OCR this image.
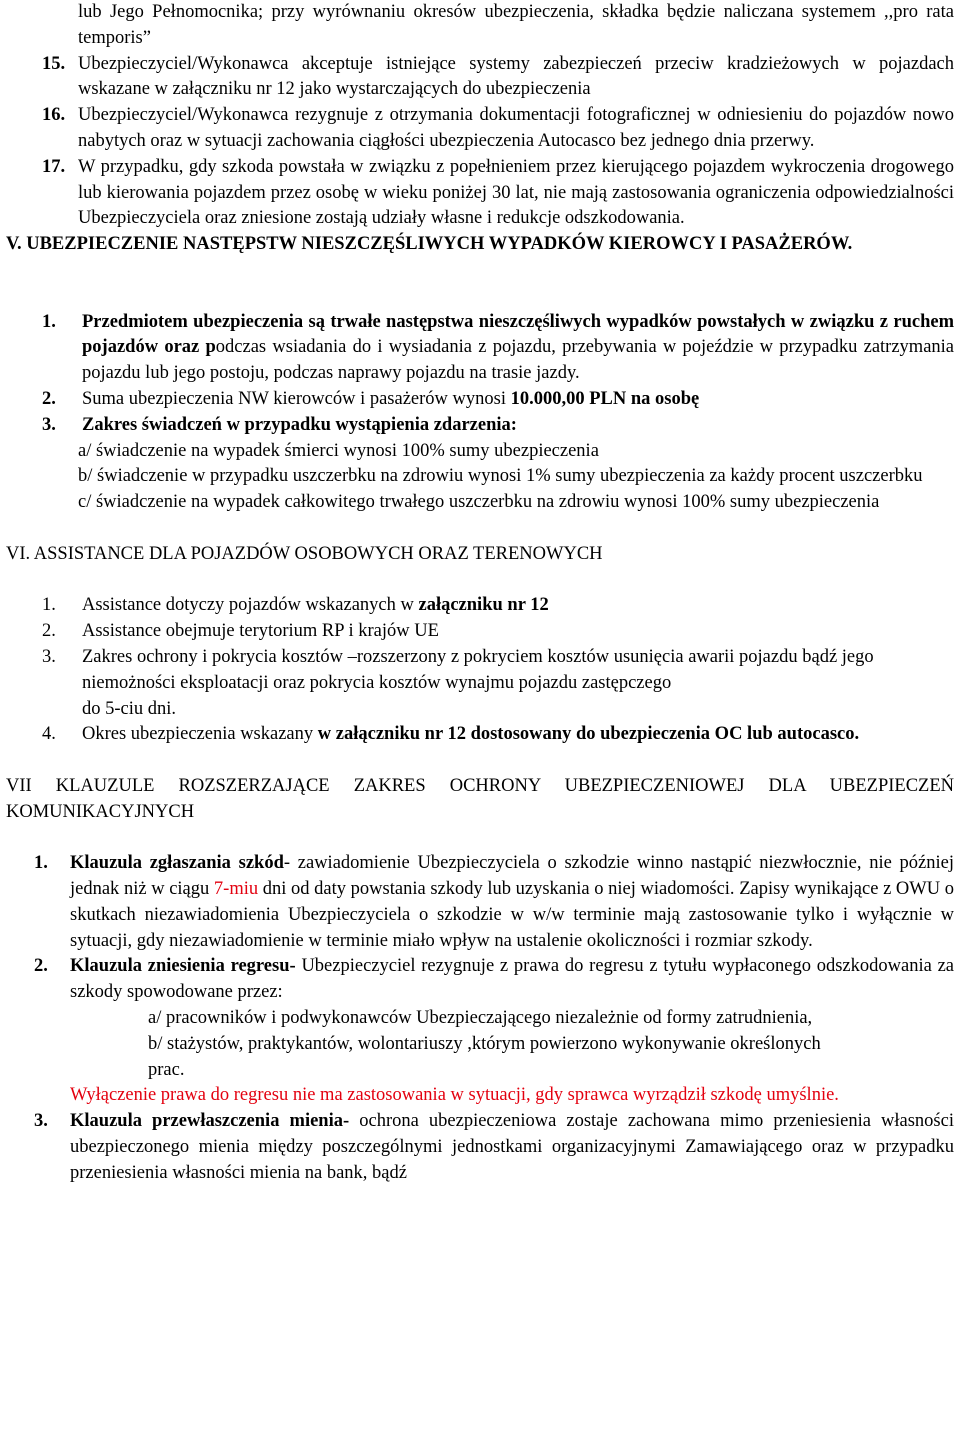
lub Jego Pełnomocnika; przy wyrównaniu okresów ubezpieczenia, składka będzie naliczana systemem ,,pro rata temporis”

15. Ubezpieczyciel/Wykonawca akceptuje istniejące systemy zabezpieczeń przeciw kradzieżowych w pojazdach wskazane w załączniku nr 12 jako wystarczających do ubezpieczenia

16. Ubezpieczyciel/Wykonawca rezygnuje z otrzymania dokumentacji fotograficznej w odniesieniu do pojazdów nowo nabytych oraz w sytuacji zachowania ciągłości ubezpieczenia Autocasco bez jednego dnia przerwy.

17. W przypadku, gdy szkoda powstała w związku z popełnieniem przez kierującego pojazdem wykroczenia drogowego lub kierowania pojazdem przez osobę w wieku poniżej 30 lat, nie mają zastosowania ograniczenia odpowiedzialności Ubezpieczyciela oraz zniesione zostają udziały własne i redukcje odszkodowania.

V. UBEZPIECZENIE NASTĘPSTW NIESZCZĘŚLIWYCH WYPADKÓW KIEROWCY I PASAŻERÓW.

1.	Przedmiotem ubezpieczenia są trwałe następstwa nieszczęśliwych wypadków powstałych w związku z ruchem pojazdów oraz podczas wsiadania do i wysiadania z pojazdu, przebywania w pojeździe w przypadku zatrzymania pojazdu lub jego postoju, podczas naprawy pojazdu na trasie jazdy.

2.	Suma ubezpieczenia NW kierowców i pasażerów wynosi 10.000,00 PLN na osobę

3.	Zakres świadczeń w przypadku wystąpienia zdarzenia:

a/ świadczenie na wypadek śmierci wynosi 100% sumy ubezpieczenia

b/ świadczenie w przypadku uszczerbku na zdrowiu wynosi 1% sumy ubezpieczenia za każdy procent uszczerbku

c/ świadczenie na wypadek całkowitego trwałego uszczerbku na zdrowiu wynosi 100% sumy ubezpieczenia

VI. ASSISTANCE DLA POJAZDÓW OSOBOWYCH ORAZ TERENOWYCH

1.	Assistance dotyczy pojazdów wskazanych w załączniku nr 12

2.	Assistance obejmuje terytorium RP i krajów UE

3.	Zakres ochrony i pokrycia kosztów –rozszerzony z pokryciem kosztów usunięcia awarii pojazdu bądź jego niemożności eksploatacji oraz pokrycia kosztów wynajmu pojazdu zastępczego

do 5-ciu dni.

4.	Okres ubezpieczenia wskazany w załączniku nr 12 dostosowany do ubezpieczenia OC lub autocasco.

VII KLAUZULE ROZSZERZAJĄCE ZAKRES OCHRONY UBEZPIECZENIOWEJ DLA UBEZPIECZEŃ KOMUNIKACYJNYCH

1.	Klauzula zgłaszania szkód- zawiadomienie Ubezpieczyciela o szkodzie winno nastąpić niezwłocznie, nie później jednak niż w ciągu 7-miu dni od daty powstania szkody lub uzyskania o niej wiadomości. Zapisy wynikające z OWU o skutkach niezawiadomienia Ubezpieczyciela o szkodzie w w/w terminie mają zastosowanie tylko i wyłącznie w sytuacji, gdy niezawiadomienie w terminie miało wpływ na ustalenie okoliczności i rozmiar szkody.

2.	Klauzula zniesienia regresu- Ubezpieczyciel rezygnuje z prawa do regresu z tytułu wypłaconego odszkodowania za szkody spowodowane przez:

a/ pracowników i podwykonawców Ubezpieczającego niezależnie od formy zatrudnienia,

b/ stażystów, praktykantów, wolontariuszy ,którym powierzono wykonywanie określonych prac.

Wyłączenie prawa do regresu nie ma zastosowania w sytuacji, gdy sprawca wyrządził szkodę umyślnie.

3.	Klauzula przewłaszczenia mienia- ochrona ubezpieczeniowa zostaje zachowana mimo przeniesienia własności ubezpieczonego mienia między poszczególnymi jednostkami organizacyjnymi Zamawiającego oraz w przypadku przeniesienia własności mienia na bank, bądź
